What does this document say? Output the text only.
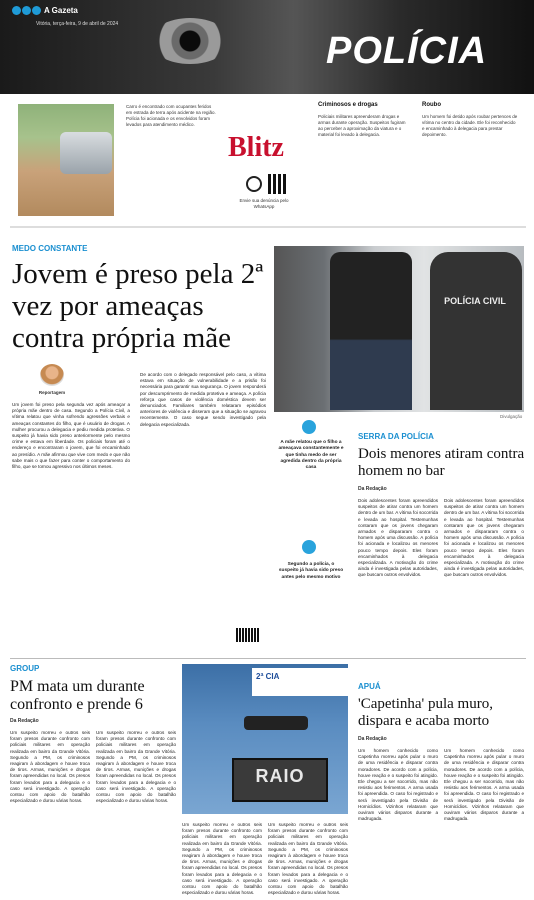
A Gazeta
Vitória, terça-feira, 9 de abril de 2024
POLÍCIA
Carro é encontrado com ocupantes feridos em estrada de terra após acidente na região. Polícia foi acionada e os envolvidos foram levados para atendimento médico.
Blitz
Envie sua denúncia pelo WhatsApp
Criminosos e drogas
Policiais militares apreenderam drogas e armas durante operação. Suspeitos fugiram ao perceber a aproximação da viatura e o material foi levado à delegacia.
Roubo
Um homem foi detido após roubar pertences de vítima no centro da cidade. Ele foi reconhecido e encaminhado à delegacia para prestar depoimento.
MEDO CONSTANTE
Jovem é preso pela 2ª vez por ameaças contra própria mãe
Reportagem
Um jovem foi preso pela segunda vez após ameaçar a própria mãe dentro de casa. Segundo a Polícia Civil, a vítima relatou que vinha sofrendo agressões verbais e ameaças constantes do filho, que é usuário de drogas. A mulher procurou a delegacia e pediu medida protetiva. O suspeito já havia sido preso anteriormente pelo mesmo crime e estava em liberdade. Os policiais foram até o endereço e encontraram o jovem, que foi encaminhado ao presídio. A mãe afirmou que vive com medo e que não sabe mais o que fazer para conter o comportamento do filho, que se tornou agressivo nos últimos meses.
De acordo com o delegado responsável pelo caso, a vítima estava em situação de vulnerabilidade e a prisão foi necessária para garantir sua segurança. O jovem responderá por descumprimento de medida protetiva e ameaça. A polícia reforça que casos de violência doméstica devem ser denunciados. Familiares também relataram episódios anteriores de violência e disseram que a situação se agravou recentemente. O caso segue sendo investigado pela delegacia especializada.
POLÍCIA CIVIL
Divulgação
A mãe relatou que o filho a ameaçava constantemente e que tinha medo de ser agredida dentro da própria casa
Segundo a polícia, o suspeito já havia sido preso antes pelo mesmo motivo
SERRA DA POLÍCIA
Dois menores atiram contra homem no bar
Da Redação
Dois adolescentes foram apreendidos suspeitos de atirar contra um homem dentro de um bar. A vítima foi socorrida e levada ao hospital. Testemunhas contaram que os jovens chegaram armados e dispararam contra o homem após uma discussão. A polícia foi acionada e localizou os menores pouco tempo depois. Eles foram encaminhados à delegacia especializada. A motivação do crime ainda é investigada pelas autoridades, que buscam outros envolvidos.
Dois adolescentes foram apreendidos suspeitos de atirar contra um homem dentro de um bar. A vítima foi socorrida e levada ao hospital. Testemunhas contaram que os jovens chegaram armados e dispararam contra o homem após uma discussão. A polícia foi acionada e localizou os menores pouco tempo depois. Eles foram encaminhados à delegacia especializada. A motivação do crime ainda é investigada pelas autoridades, que buscam outros envolvidos.
GROUP
PM mata um durante confronto e prende 6
Da Redação
Um suspeito morreu e outros seis foram presos durante confronto com policiais militares em operação realizada em bairro da Grande Vitória. Segundo a PM, os criminosos reagiram à abordagem e houve troca de tiros. Armas, munições e drogas foram apreendidas no local. Os presos foram levados para a delegacia e o caso será investigado. A operação contou com apoio do batalhão especializado e durou várias horas.
Um suspeito morreu e outros seis foram presos durante confronto com policiais militares em operação realizada em bairro da Grande Vitória. Segundo a PM, os criminosos reagiram à abordagem e houve troca de tiros. Armas, munições e drogas foram apreendidas no local. Os presos foram levados para a delegacia e o caso será investigado. A operação contou com apoio do batalhão especializado e durou várias horas.
Um suspeito morreu e outros seis foram presos durante confronto com policiais militares em operação realizada em bairro da Grande Vitória. Segundo a PM, os criminosos reagiram à abordagem e houve troca de tiros. Armas, munições e drogas foram apreendidas no local. Os presos foram levados para a delegacia e o caso será investigado. A operação contou com apoio do batalhão especializado e durou várias horas.
Um suspeito morreu e outros seis foram presos durante confronto com policiais militares em operação realizada em bairro da Grande Vitória. Segundo a PM, os criminosos reagiram à abordagem e houve troca de tiros. Armas, munições e drogas foram apreendidas no local. Os presos foram levados para a delegacia e o caso será investigado. A operação contou com apoio do batalhão especializado e durou várias horas.
2ª CIA
RAIO
APUÁ
'Capetinha' pula muro, dispara e acaba morto
Da Redação
Um homem conhecido como Capetinha morreu após pular o muro de uma residência e disparar contra moradores. De acordo com a polícia, houve reação e o suspeito foi atingido. Ele chegou a ser socorrido, mas não resistiu aos ferimentos. A arma usada foi apreendida. O caso foi registrado e será investigado pela Divisão de Homicídios. Vizinhos relataram que ouviram vários disparos durante a madrugada.
Um homem conhecido como Capetinha morreu após pular o muro de uma residência e disparar contra moradores. De acordo com a polícia, houve reação e o suspeito foi atingido. Ele chegou a ser socorrido, mas não resistiu aos ferimentos. A arma usada foi apreendida. O caso foi registrado e será investigado pela Divisão de Homicídios. Vizinhos relataram que ouviram vários disparos durante a madrugada.
